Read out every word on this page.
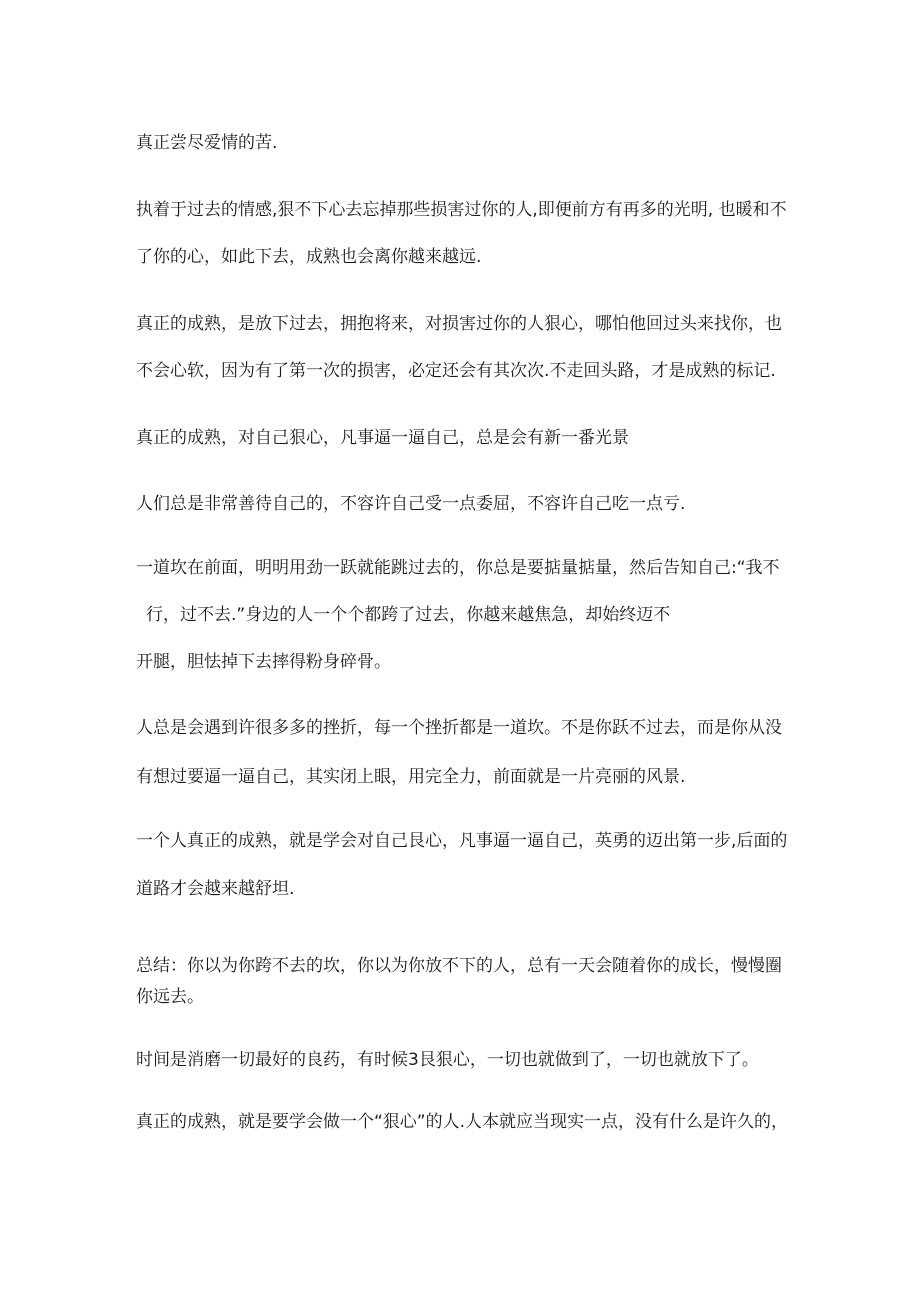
真正尝尽爱情的苦.
执着于过去的情感,狠不下心去忘掉那些损害过你的人,即便前方有再多的光明, 也暖和不
了你的心，如此下去，成熟也会离你越来越远.
真正的成熟，是放下过去，拥抱将来，对损害过你的人狠心，哪怕他回过头来找你，也
不会心软，因为有了第一次的损害，必定还会有其次次.不走回头路，才是成熟的标记.
真正的成熟，对自己狠心，凡事逼一逼自己，总是会有新一番光景
人们总是非常善待自己的，不容许自己受一点委屈，不容许自己吃一点亏.
一道坎在前面，明明用劲一跃就能跳过去的，你总是要掂量掂量，然后告知自己:“我不
行，过不去.”身边的人一个个都跨了过去，你越来越焦急，却始终迈不
开腿，胆怯掉下去摔得粉身碎骨。
人总是会遇到许很多多的挫折，每一个挫折都是一道坎。不是你跃不过去，而是你从没
有想过要逼一逼自己，其实闭上眼，用完全力，前面就是一片亮丽的风景.
一个人真正的成熟，就是学会对自己艮心，凡事逼一逼自己，英勇的迈出第一步,后面的
道路才会越来越舒坦.
总结：你以为你跨不去的坎，你以为你放不下的人，总有一天会随着你的成长，慢慢圈
你远去。
时间是消磨一切最好的良药，有时候3艮狠心，一切也就做到了，一切也就放下了。
真正的成熟，就是要学会做一个“狠心”的人.人本就应当现实一点，没有什么是许久的，
